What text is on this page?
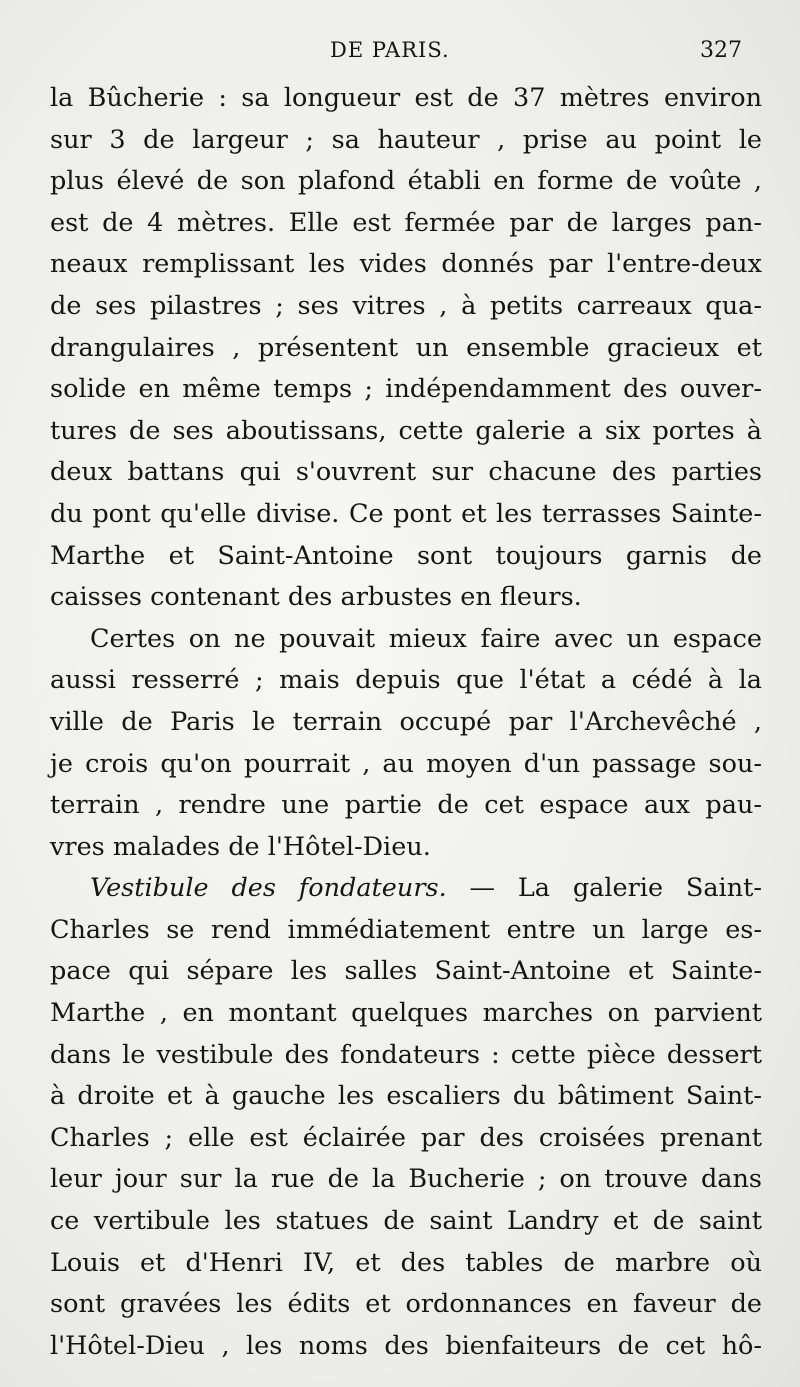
DE PARIS.	327
la Bûcherie : sa longueur est de 37 mètres environ
sur 3 de largeur ; sa hauteur , prise au point le
plus élevé de son plafond établi en forme de voûte ,
est de 4 mètres. Elle est fermée par de larges pan-
neaux remplissant les vides donnés par l'entre-deux
de ses pilastres ; ses vitres , à petits carreaux qua-
drangulaires , présentent un ensemble gracieux et
solide en même temps ; indépendamment des ouver-
tures de ses aboutissans, cette galerie a six portes à
deux battans qui s'ouvrent sur chacune des parties
du pont qu'elle divise. Ce pont et les terrasses Sainte-
Marthe et Saint-Antoine sont toujours garnis de
caisses contenant des arbustes en fleurs.
Certes on ne pouvait mieux faire avec un espace
aussi resserré ; mais depuis que l'état a cédé à la
ville de Paris le terrain occupé par l'Archevêché ,
je crois qu'on pourrait , au moyen d'un passage sou-
terrain , rendre une partie de cet espace aux pau-
vres malades de l'Hôtel-Dieu.
Vestibule des fondateurs. — La galerie Saint-
Charles se rend immédiatement entre un large es-
pace qui sépare les salles Saint-Antoine et Sainte-
Marthe , en montant quelques marches on parvient
dans le vestibule des fondateurs : cette pièce dessert
à droite et à gauche les escaliers du bâtiment Saint-
Charles ; elle est éclairée par des croisées prenant
leur jour sur la rue de la Bucherie ; on trouve dans
ce vertibule les statues de saint Landry et de saint
Louis et d'Henri IV, et des tables de marbre où
sont gravées les édits et ordonnances en faveur de
l'Hôtel-Dieu , les noms des bienfaiteurs de cet hô-
